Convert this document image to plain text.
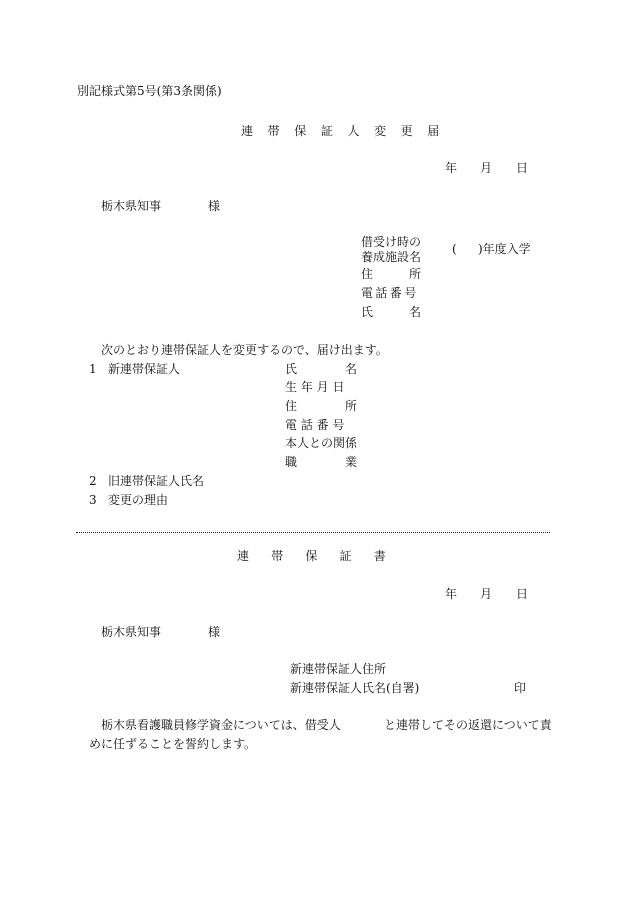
別記様式第5号(第3条関係)
連 帯 保 証 人 変 更 届
年 月 日
栃木県知事	様
借受け時の
養成施設名
( )年度入学
住	所
電話番号
氏	名
次のとおり連帯保証人を変更するので、届け出ます。
1 新連帯保証人	氏	名
生 年 月 日
住	所
電 話 番 号
本人との関係
職	業
2 旧連帯保証人氏名
3 変更の理由
連帯保証書
年 月 日
栃木県知事	様
新連帯保証人住所
新連帯保証人氏名(自署)	印
栃木県看護職員修学資金については、借受人	と連帯してその返還について責
めに任ずることを誓約します。
